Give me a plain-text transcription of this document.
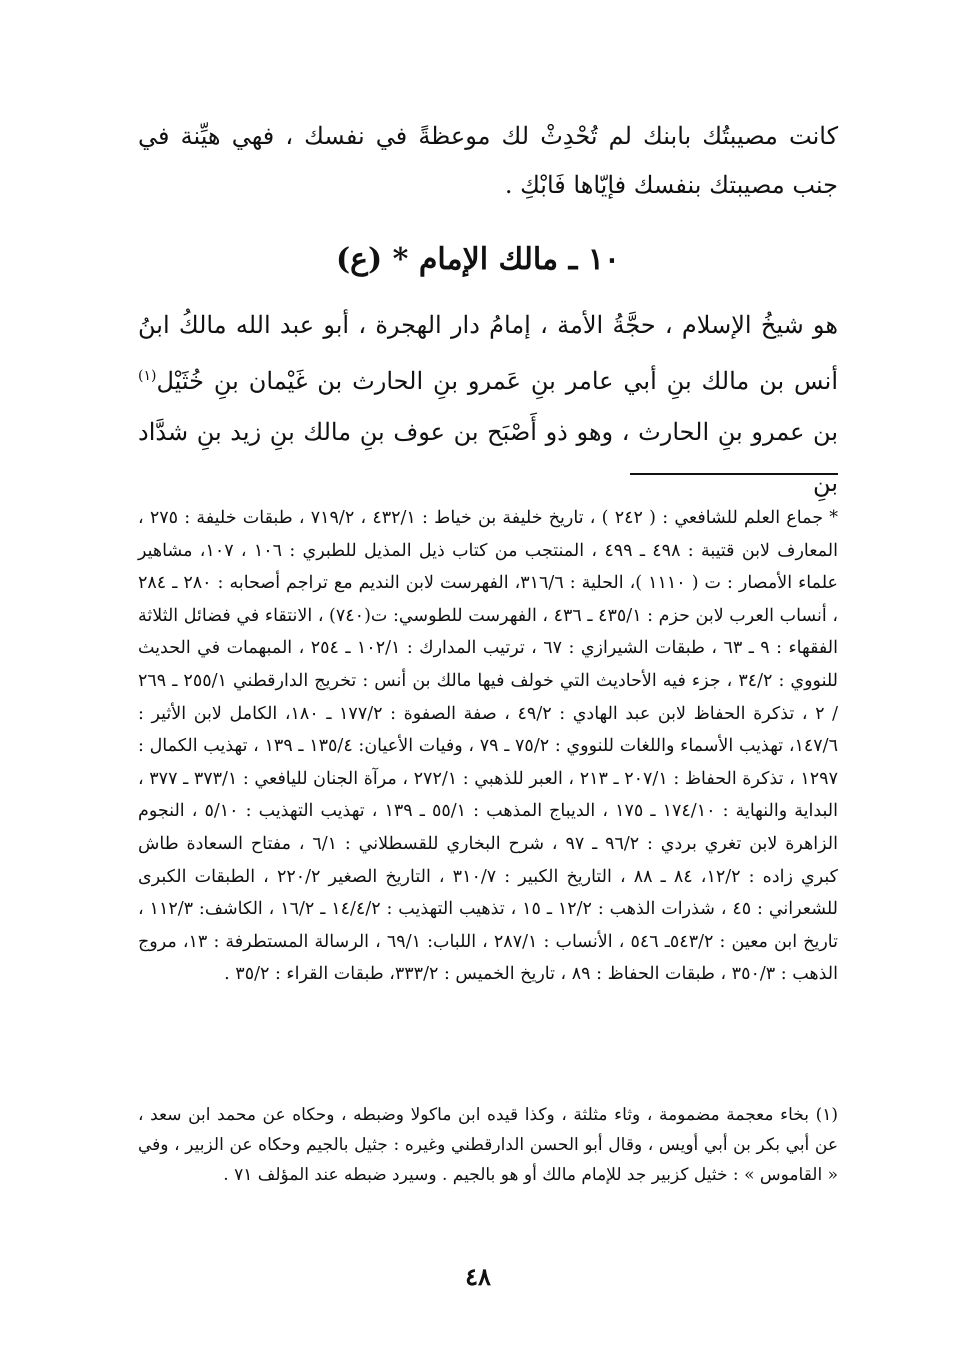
كانت مصيبتُك بابنك لم تُحْدِثْ لك موعظةً في نفسك ، فهي هيِّنة في جنب مصيبتك بنفسك فإيّاها فَابْكِ .

١٠ ـ مالك الإمام * (ع)

هو شيخُ الإسلام ، حجَّةُ الأمة ، إمامُ دار الهجرة ، أبو عبد الله مالكُ ابنُ أنس بن مالك بنِ أبي عامر بنِ عَمرو بنِ الحارث بن غَيْمان بنِ خُثَيْل$^{(١)}$ بن عمرو بنِ الحارث ، وهو ذو أَصْبَح بن عوف بنِ مالك بنِ زيد بنِ شدَّاد بنِ

* جماع العلم للشافعي : ( ٢٤٢ ) ، تاريخ خليفة بن خياط : ٤٣٢/١ ، ٧١٩/٢ ، طبقات خليفة : ٢٧٥ ، المعارف لابن قتيبة : ٤٩٨ ـ ٤٩٩ ، المنتجب من كتاب ذيل المذيل للطبري : ١٠٦ ، ١٠٧، مشاهير علماء الأمصار : ت ( ١١١٠ )، الحلية : ٣١٦/٦، الفهرست لابن النديم مع تراجم أصحابه : ٢٨٠ ـ ٢٨٤ ، أنساب العرب لابن حزم : ٤٣٥/١ ـ ٤٣٦ ، الفهرست للطوسي: ت(٧٤٠) ، الانتقاء في فضائل الثلاثة الفقهاء : ٩ ـ ٦٣ ، طبقات الشيرازي : ٦٧ ، ترتيب المدارك : ١٠٢/١ ـ ٢٥٤ ، المبهمات في الحديث للنووي : ٣٤/٢ ، جزء فيه الأحاديث التي خولف فيها مالك بن أنس : تخريج الدارقطني ٢٥٥/١ ـ ٢٦٩ / ٢ ، تذكرة الحفاظ لابن عبد الهادي : ٤٩/٢ ، صفة الصفوة : ١٧٧/٢ ـ ١٨٠، الكامل لابن الأثير : ١٤٧/٦، تهذيب الأسماء واللغات للنووي : ٧٥/٢ ـ ٧٩ ، وفيات الأعيان: ١٣٥/٤ ـ ١٣٩ ، تهذيب الكمال : ١٢٩٧ ، تذكرة الحفاظ : ٢٠٧/١ ـ ٢١٣ ، العبر للذهبي : ٢٧٢/١ ، مرآة الجنان لليافعي : ٣٧٣/١ ـ ٣٧٧ ، البداية والنهاية : ١٧٤/١٠ ـ ١٧٥ ، الديباج المذهب : ٥٥/١ ـ ١٣٩ ، تهذيب التهذيب : ٥/١٠ ، النجوم الزاهرة لابن تغري بردي : ٩٦/٢ ـ ٩٧ ، شرح البخاري للقسطلاني : ٦/١ ، مفتاح السعادة طاش كبري زاده : ١٢/٢، ٨٤ ـ ٨٨ ، التاريخ الكبير : ٣١٠/٧ ، التاريخ الصغير ٢٢٠/٢ ، الطبقات الكبرى للشعراني : ٤٥ ، شذرات الذهب : ١٢/٢ ـ ١٥ ، تذهيب التهذيب : ١٤/٤/٢ ـ ١٦/٢ ، الكاشف: ١١٢/٣ ، تاريخ ابن معين : ٥٤٣/٢ـ ٥٤٦ ، الأنساب : ٢٨٧/١ ، اللباب: ٦٩/١ ، الرسالة المستطرفة : ١٣، مروج الذهب : ٣٥٠/٣ ، طبقات الحفاظ : ٨٩ ، تاريخ الخميس : ٣٣٣/٢، طبقات القراء : ٣٥/٢ .

(١) بخاء معجمة مضمومة ، وثاء مثلثة ، وكذا قيده ابن ماكولا وضبطه ، وحكاه عن محمد ابن سعد ، عن أبي بكر بن أبي أويس ، وقال أبو الحسن الدارقطني وغيره : جثيل بالجيم وحكاه عن الزبير ، وفي « القاموس » : خثيل كزبير جد للإمام مالك أو هو بالجيم . وسيرد ضبطه عند المؤلف ٧١ .

٤٨
